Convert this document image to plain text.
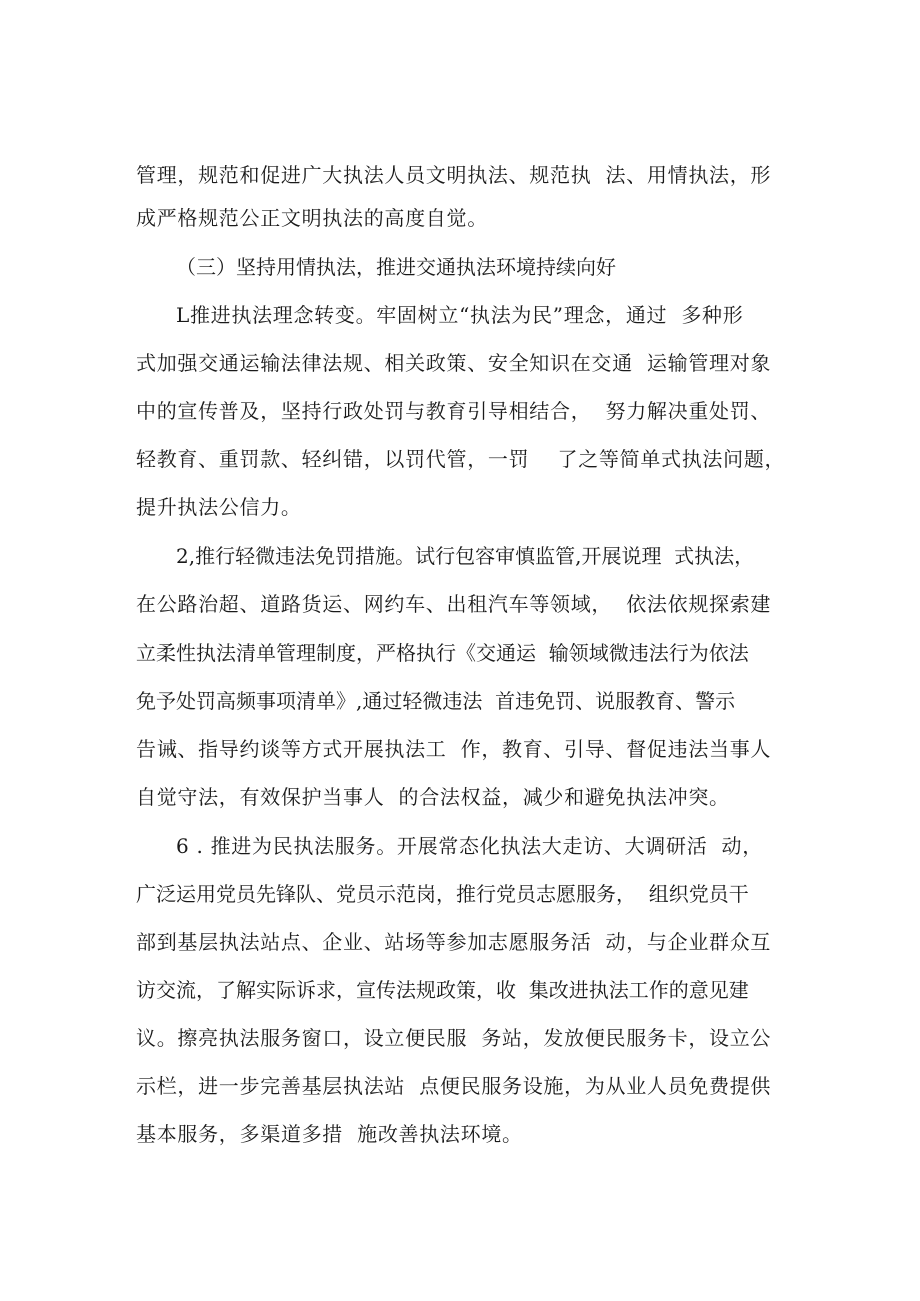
管理，规范和促进广大执法人员文明执法、规范执  法、用情执法，形
成严格规范公正文明执法的高度自觉。
（三）坚持用情执法，推进交通执法环境持续向好
L推进执法理念转变。牢固树立“执法为民”理念，通过  多种形
式加强交通运输法律法规、相关政策、安全知识在交通  运输管理对象
中的宣传普及，坚持行政处罚与教育引导相结合，  努力解决重处罚、
轻教育、重罚款、轻纠错，以罚代管，一罚    了之等简单式执法问题，
提升执法公信力。
2,推行轻微违法免罚措施。试行包容审慎监管,开展说理  式执法，
在公路治超、道路货运、网约车、出租汽车等领域，  依法依规探索建
立柔性执法清单管理制度，严格执行《交通运  输领域微违法行为依法
免予处罚高频事项清单》,通过轻微违法  首违免罚、说服教育、警示
告诫、指导约谈等方式开展执法工  作，教育、引导、督促违法当事人
自觉守法，有效保护当事人  的合法权益，减少和避免执法冲突。
6 . 推进为民执法服务。开展常态化执法大走访、大调研活  动，
广泛运用党员先锋队、党员示范岗，推行党员志愿服务，  组织党员干
部到基层执法站点、企业、站场等参加志愿服务活  动，与企业群众互
访交流，了解实际诉求，宣传法规政策，收  集改进执法工作的意见建
议。擦亮执法服务窗口，设立便民服  务站，发放便民服务卡，设立公
示栏，进一步完善基层执法站  点便民服务设施，为从业人员免费提供
基本服务，多渠道多措  施改善执法环境。
